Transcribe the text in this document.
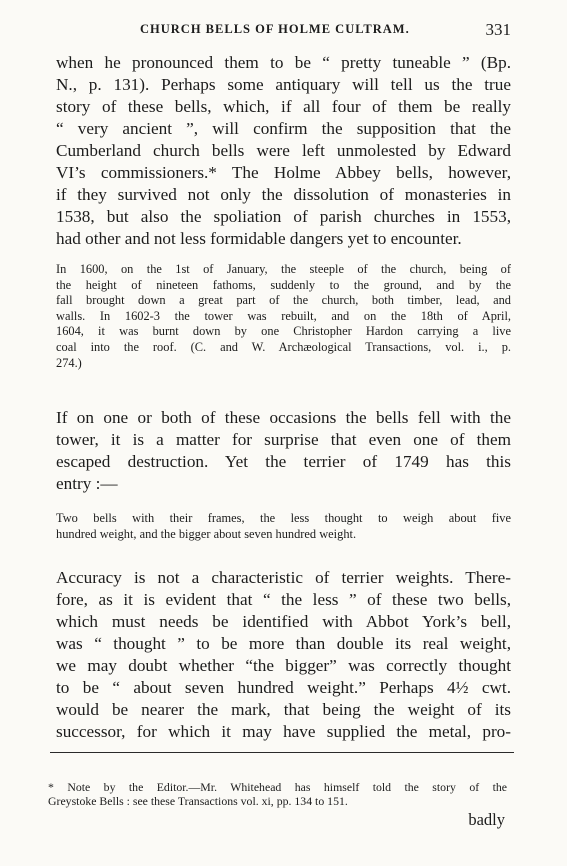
CHURCH BELLS OF HOLME CULTRAM.	331

when he pronounced them to be “ pretty tuneable ” (Bp.
N., p. 131). Perhaps some antiquary will tell us the true
story of these bells, which, if all four of them be really
“ very ancient ”, will confirm the supposition that the
Cumberland church bells were left unmolested by Edward
VI’s commissioners.* The Holme Abbey bells, however,
if they survived not only the dissolution of monasteries in
1538, but also the spoliation of parish churches in 1553,
had other and not less formidable dangers yet to encounter.

In 1600, on the 1st of January, the steeple of the church, being of
the height of nineteen fathoms, suddenly to the ground, and by the
fall brought down a great part of the church, both timber, lead, and
walls. In 1602-3 the tower was rebuilt, and on the 18th of April,
1604, it was burnt down by one Christopher Hardon carrying a live
coal into the roof. (C. and W. Archæological Transactions, vol. i., p.
274.)

If on one or both of these occasions the bells fell with the
tower, it is a matter for surprise that even one of them
escaped destruction. Yet the terrier of 1749 has this
entry :—

Two bells with their frames, the less thought to weigh about five
hundred weight, and the bigger about seven hundred weight.

Accuracy is not a characteristic of terrier weights. There-
fore, as it is evident that “ the less ” of these two bells,
which must needs be identified with Abbot York’s bell,
was “ thought ” to be more than double its real weight,
we may doubt whether “the bigger” was correctly thought
to be “ about seven hundred weight.” Perhaps 4½ cwt.
would be nearer the mark, that being the weight of its
successor, for which it may have supplied the metal, pro-

* Note by the Editor.—Mr. Whitehead has himself told the story of the
Greystoke Bells : see these Transactions vol. xi, pp. 134 to 151.

badly
